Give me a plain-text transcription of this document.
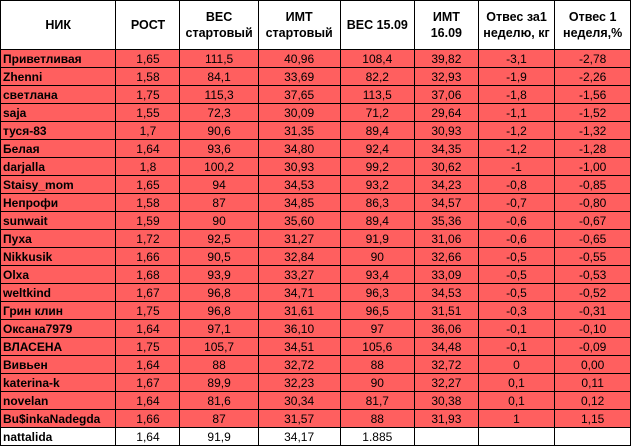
НИК	РОСТ	ВЕС стартовый	ИМТ стартовый	ВЕС 15.09	ИМТ 16.09	Отвес за1 неделю, кг	Отвес 1 неделя,%
Приветливая	1,65	111,5	40,96	108,4	39,82	-3,1	-2,78
Zhenni	1,58	84,1	33,69	82,2	32,93	-1,9	-2,26
cвeтлана	1,75	115,3	37,65	113,5	37,06	-1,8	-1,56
saja	1,55	72,3	30,09	71,2	29,64	-1,1	-1,52
туся-83	1,7	90,6	31,35	89,4	30,93	-1,2	-1,32
Белая	1,64	93,6	34,80	92,4	34,35	-1,2	-1,28
darjalla	1,8	100,2	30,93	99,2	30,62	-1	-1,00
Staisy_mom	1,65	94	34,53	93,2	34,23	-0,8	-0,85
Непрофи	1,58	87	34,85	86,3	34,57	-0,7	-0,80
sunwait	1,59	90	35,60	89,4	35,36	-0,6	-0,67
Пуха	1,72	92,5	31,27	91,9	31,06	-0,6	-0,65
Nikkusik	1,66	90,5	32,84	90	32,66	-0,5	-0,55
Olxa	1,68	93,9	33,27	93,4	33,09	-0,5	-0,53
weltkind	1,67	96,8	34,71	96,3	34,53	-0,5	-0,52
Грин клин	1,75	96,8	31,61	96,5	31,51	-0,3	-0,31
Оксана7979	1,64	97,1	36,10	97	36,06	-0,1	-0,10
ВЛАСЕНА	1,75	105,7	34,51	105,6	34,48	-0,1	-0,09
Вивьен	1,64	88	32,72	88	32,72	0	0,00
katerina-k	1,67	89,9	32,23	90	32,27	0,1	0,11
novelan	1,64	81,6	30,34	81,7	30,38	0,1	0,12
Bu$inkaNadegda	1,66	87	31,57	88	31,93	1	1,15
nattalida	1,64	91,9	34,17	1.885			
